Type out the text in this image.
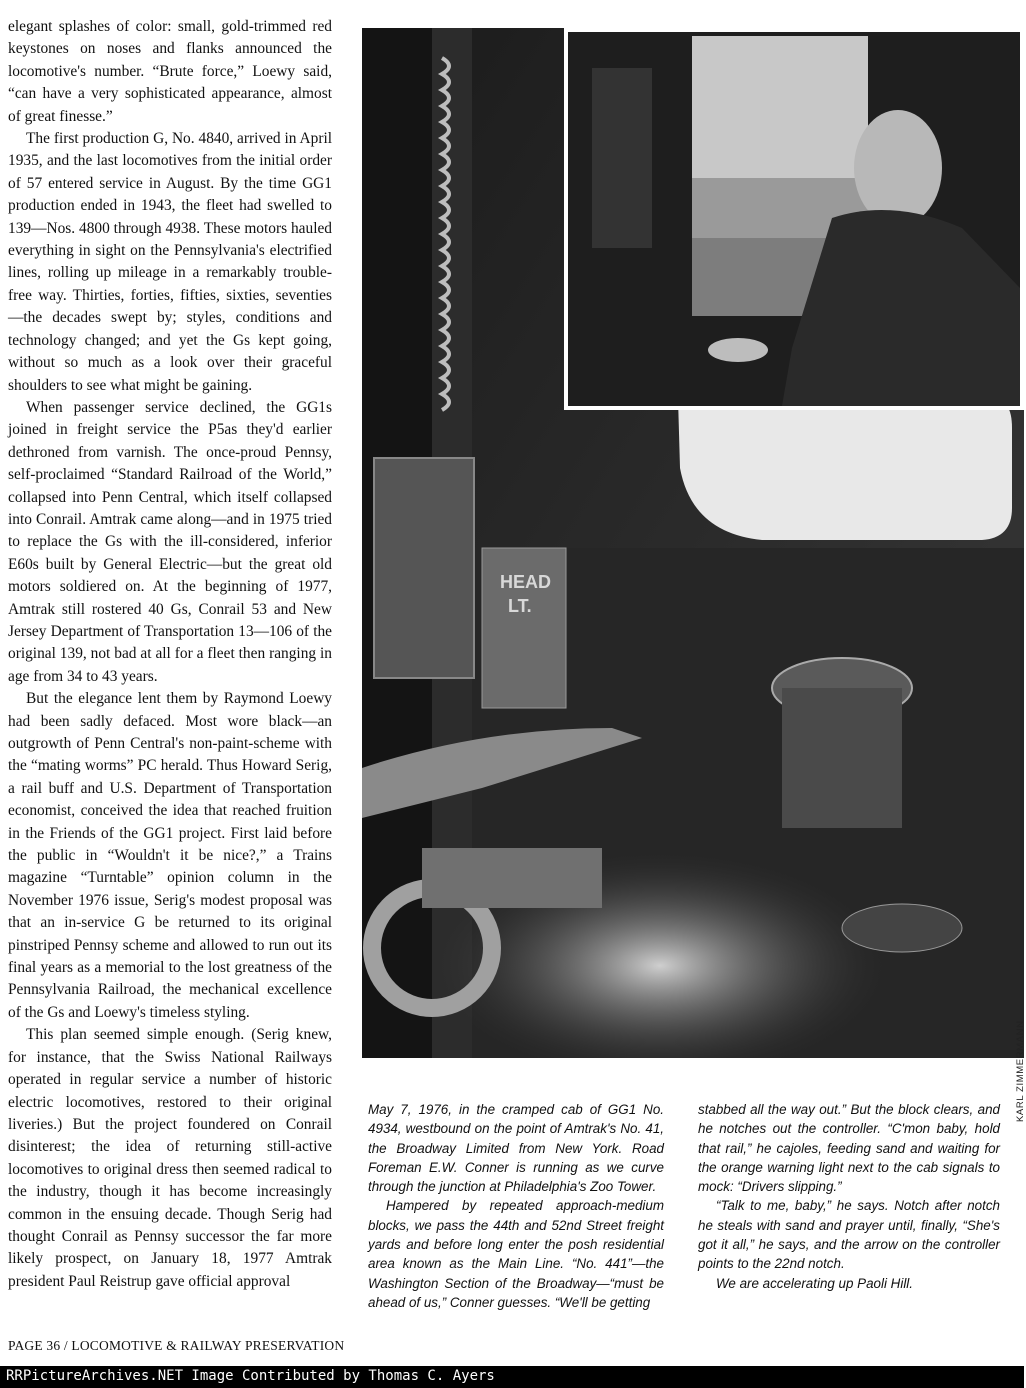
elegant splashes of color: small, gold-trimmed red keystones on noses and flanks announced the locomotive's number. “Brute force,” Loewy said, “can have a very sophisticated appearance, almost of great finesse.”

The first production G, No. 4840, arrived in April 1935, and the last locomotives from the initial order of 57 entered service in August. By the time GG1 production ended in 1943, the fleet had swelled to 139—Nos. 4800 through 4938. These motors hauled everything in sight on the Pennsylvania's electrified lines, rolling up mileage in a remarkably trouble-free way. Thirties, forties, fifties, sixties, seventies—the decades swept by; styles, conditions and technology changed; and yet the Gs kept going, without so much as a look over their graceful shoulders to see what might be gaining.

When passenger service declined, the GG1s joined in freight service the P5as they'd earlier dethroned from varnish. The once-proud Pennsy, self-proclaimed “Standard Railroad of the World,” collapsed into Penn Central, which itself collapsed into Conrail. Amtrak came along—and in 1975 tried to replace the Gs with the ill-considered, inferior E60s built by General Electric—but the great old motors soldiered on. At the beginning of 1977, Amtrak still rostered 40 Gs, Conrail 53 and New Jersey Department of Transportation 13—106 of the original 139, not bad at all for a fleet then ranging in age from 34 to 43 years.

But the elegance lent them by Raymond Loewy had been sadly defaced. Most wore black—an outgrowth of Penn Central's non-paint-scheme with the “mating worms” PC herald. Thus Howard Serig, a rail buff and U.S. Department of Transportation economist, conceived the idea that reached fruition in the Friends of the GG1 project. First laid before the public in “Wouldn't it be nice?,” a Trains magazine “Turntable” opinion column in the November 1976 issue, Serig's modest proposal was that an in-service G be returned to its original pinstriped Pennsy scheme and allowed to run out its final years as a memorial to the lost greatness of the Pennsylvania Railroad, the mechanical excellence of the Gs and Loewy's timeless styling.

This plan seemed simple enough. (Serig knew, for instance, that the Swiss National Railways operated in regular service a number of historic electric locomotives, restored to their original liveries.) But the project foundered on Conrail disinterest; the idea of returning still-active locomotives to original dress then seemed radical to the industry, though it has become increasingly common in the ensuing decade. Though Serig had thought Conrail as Pennsy successor the far more likely prospect, on January 18, 1977 Amtrak president Paul Reistrup gave official approval

HEAD
LT.
KARL ZIMMERMANN

May 7, 1976, in the cramped cab of GG1 No. 4934, westbound on the point of Amtrak's No. 41, the Broadway Limited from New York. Road Foreman E.W. Conner is running as we curve through the junction at Philadelphia's Zoo Tower.

Hampered by repeated approach-medium blocks, we pass the 44th and 52nd Street freight yards and before long enter the posh residential area known as the Main Line. “No. 441”—the Washington Section of the Broadway—“must be ahead of us,” Conner guesses. “We'll be getting

stabbed all the way out.” But the block clears, and he notches out the controller. “C'mon baby, hold that rail,” he cajoles, feeding sand and waiting for the orange warning light next to the cab signals to mock: “Drivers slipping.”

“Talk to me, baby,” he says. Notch after notch he steals with sand and prayer until, finally, “She's got it all,” he says, and the arrow on the controller points to the 22nd notch.

We are accelerating up Paoli Hill.

PAGE 36 / LOCOMOTIVE & RAILWAY PRESERVATION
RRPictureArchives.NET Image Contributed by Thomas C. Ayers
